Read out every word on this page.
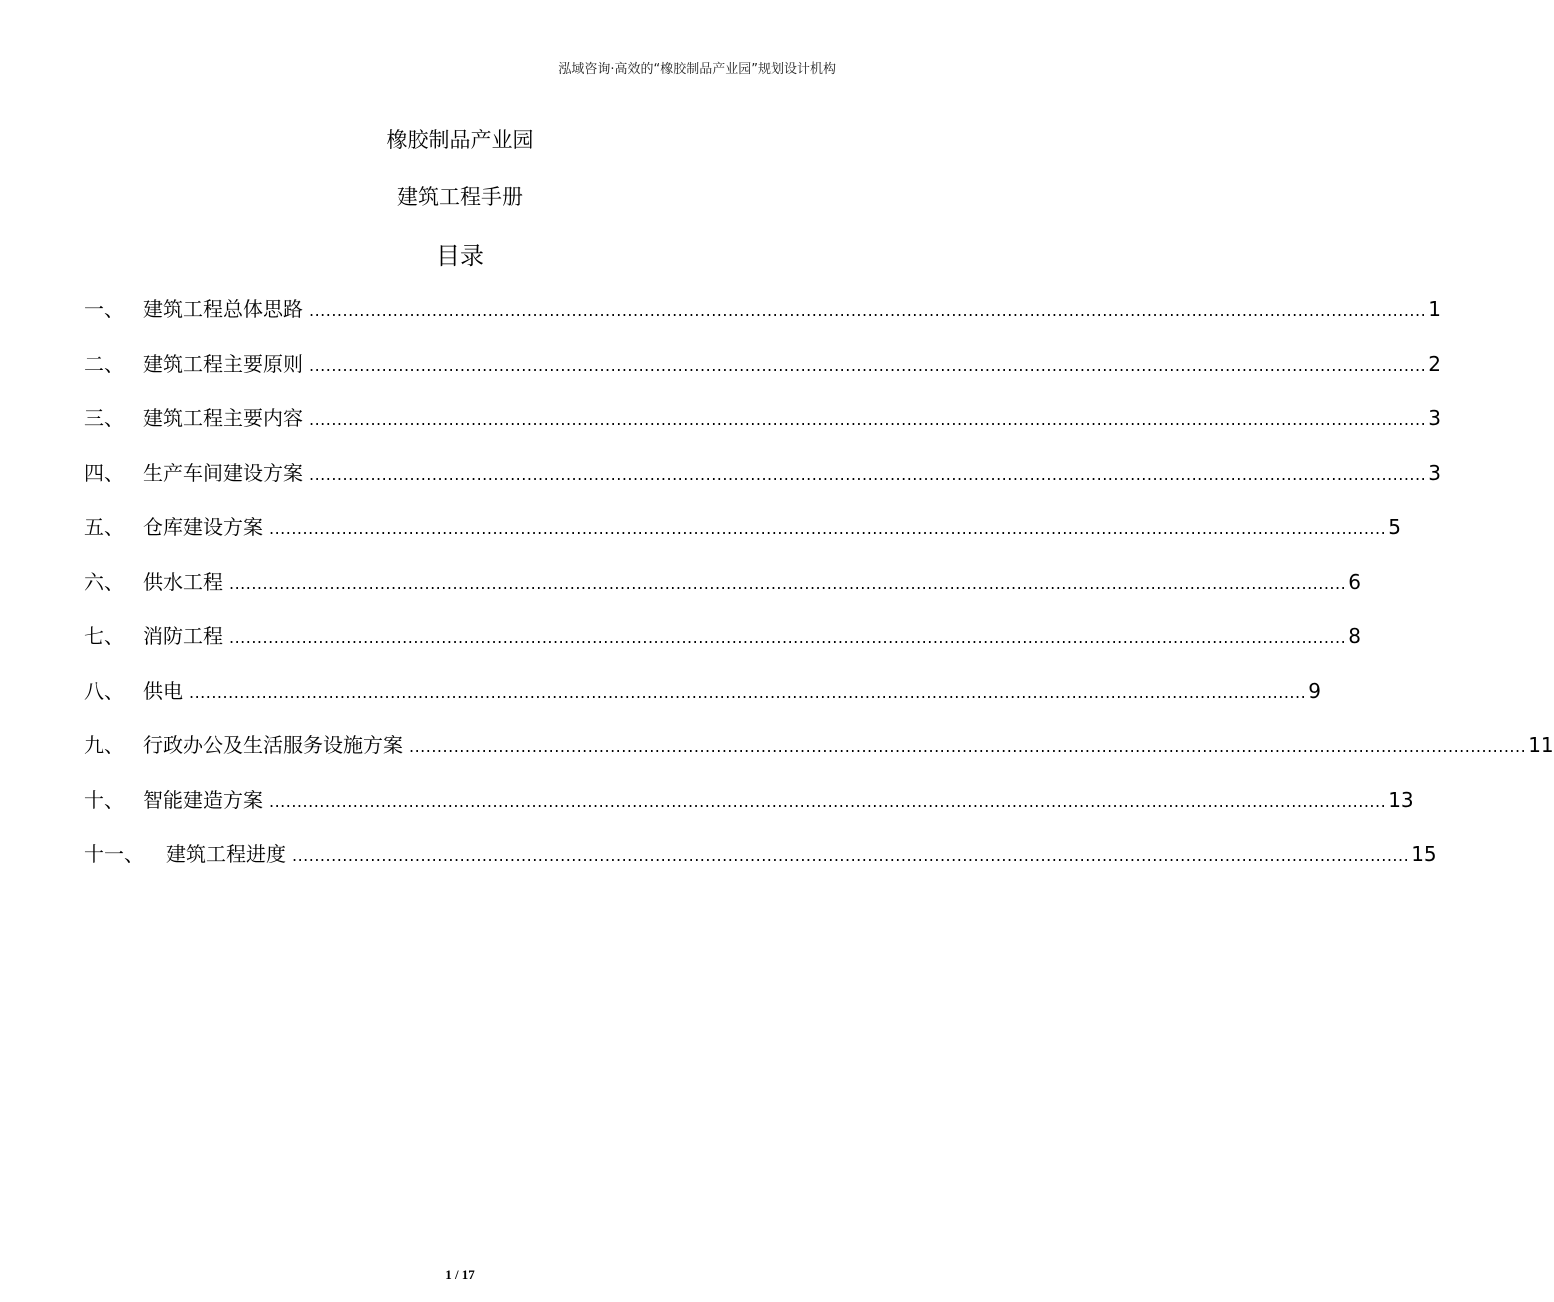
泓域咨询·高效的“橡胶制品产业园”规划设计机构
橡胶制品产业园
建筑工程手册
目录
一、 建筑工程总体思路 ........................................................................................................................................................................................................ 1
二、 建筑工程主要原则 ........................................................................................................................................................................................................ 2
三、 建筑工程主要内容 ........................................................................................................................................................................................................ 3
四、 生产车间建设方案 ........................................................................................................................................................................................................ 3
五、 仓库建设方案 ........................................................................................................................................................................................................ 5
六、 供水工程 ........................................................................................................................................................................................................ 6
七、 消防工程 ........................................................................................................................................................................................................ 8
八、 供电 ........................................................................................................................................................................................................ 9
九、 行政办公及生活服务设施方案 ........................................................................................................................................................................................................ 11
十、 智能建造方案 ........................................................................................................................................................................................................ 13
十一、	建筑工程进度 ........................................................................................................................................................................................................ 15
1 / 17
